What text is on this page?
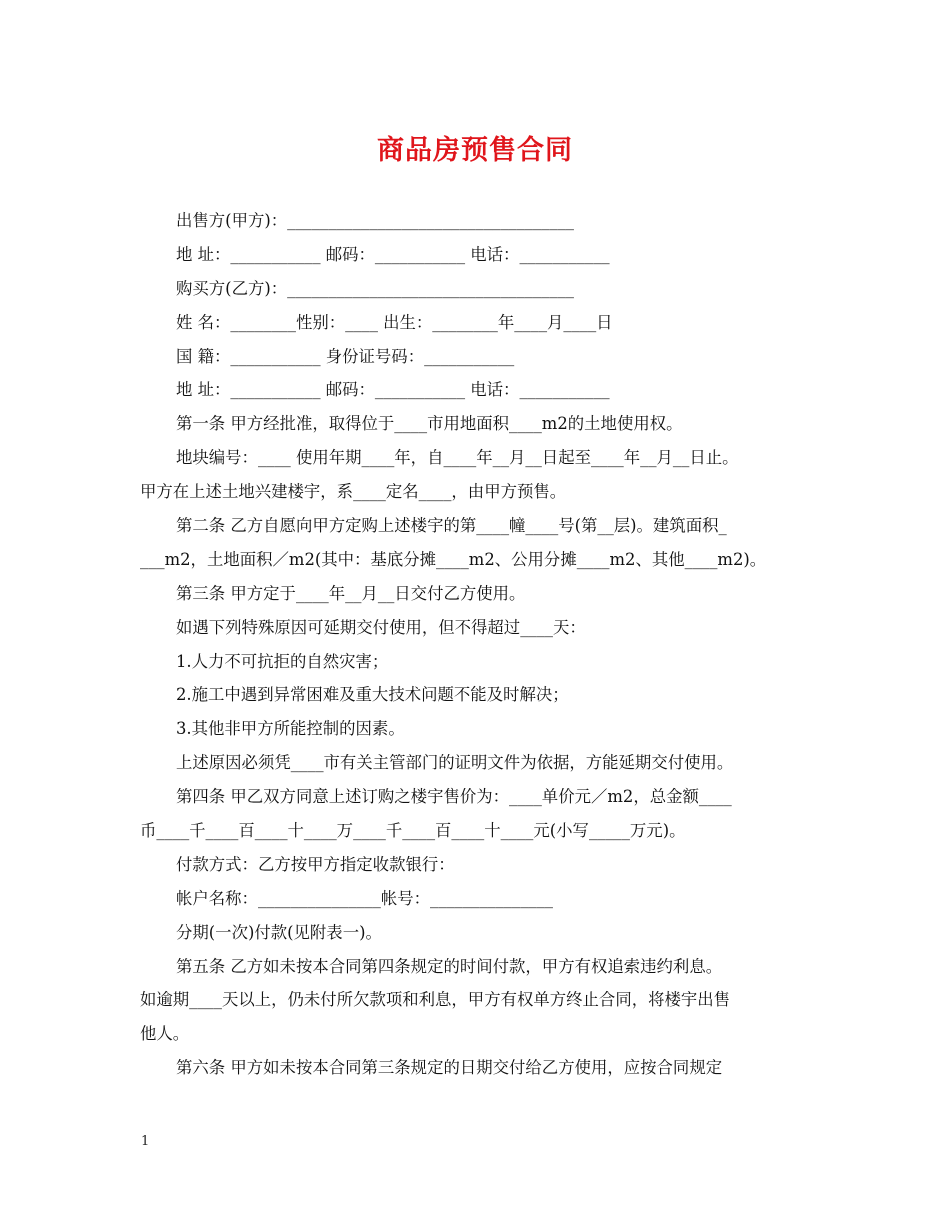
商品房预售合同
出售方(甲方)：___________________________________
地 址：___________ 邮码：___________ 电话：___________
购买方(乙方)：___________________________________
姓 名：________性别：____ 出生：________年____月____日
国 籍：___________ 身份证号码：___________
地 址：___________ 邮码：___________ 电话：___________
第一条 甲方经批准，取得位于____市用地面积____m2的土地使用权。
地块编号：____ 使用年期____年，自____年__月__日起至____年__月__日止。
甲方在上述土地兴建楼宇，系____定名____，由甲方预售。
第二条 乙方自愿向甲方定购上述楼宇的第____幢____号(第__层)。建筑面积_
___m2，土地面积／m2(其中：基底分摊____m2、公用分摊____m2、其他____m2)。
第三条 甲方定于____年__月__日交付乙方使用。
如遇下列特殊原因可延期交付使用，但不得超过____天：
1.人力不可抗拒的自然灾害；
2.施工中遇到异常困难及重大技术问题不能及时解决；
3.其他非甲方所能控制的因素。
上述原因必须凭____市有关主管部门的证明文件为依据，方能延期交付使用。
第四条 甲乙双方同意上述订购之楼宇售价为：____单价元／m2，总金额____
币____千____百____十____万____千____百____十____元(小写_____万元)。
付款方式：乙方按甲方指定收款银行：
帐户名称：_______________帐号：_______________
分期(一次)付款(见附表一)。
第五条 乙方如未按本合同第四条规定的时间付款，甲方有权追索违约利息。
如逾期____天以上，仍未付所欠款项和利息，甲方有权单方终止合同，将楼宇出售
他人。
第六条 甲方如未按本合同第三条规定的日期交付给乙方使用，应按合同规定
1
